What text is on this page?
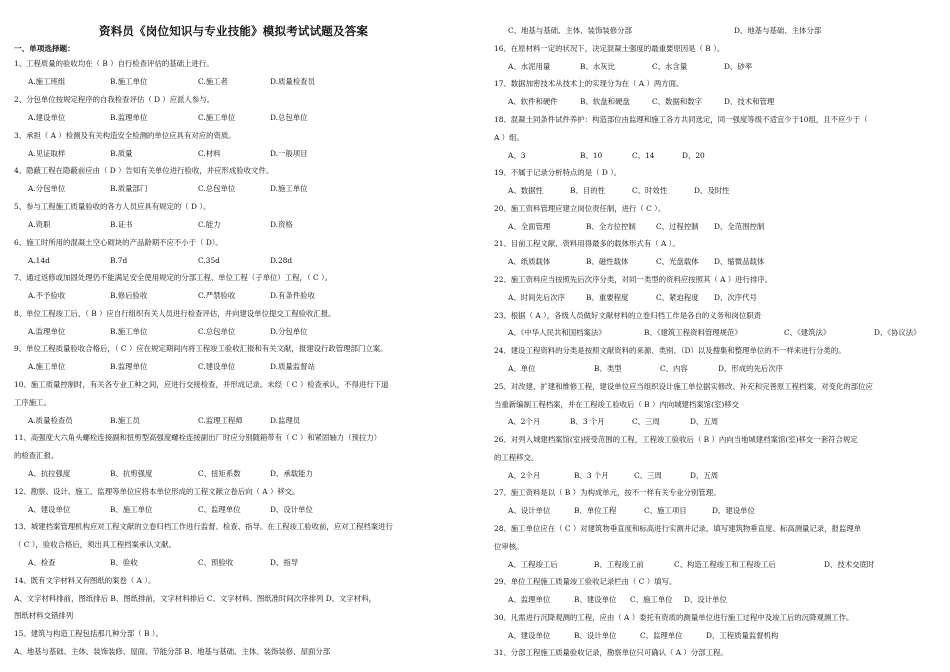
资料员《岗位知识与专业技能》模拟考试试题及答案
一、单项选择题：
1、工程质量的验收均在（ B ）自行检查评估的基础上进行。
A.施工班组	B.施工单位	C.施工者	D.质量检查员
2、分包单位按规定程序的自我检查评估（ D ）应派人参与。
A.建设单位	B.监理单位	C.施工单位	D.总包单位
3、承担（ A ）检测及有关构造安全检测的单位应具有对应的资质。
A.见证取样	B.质量	C.材料	D.一般项目
4、隐蔽工程在隐蔽前应由（ D ）告知有关单位进行验收，并应形成验收文件。
A.分包单位	B.质量部门	C.总包单位	D.施工单位
5、参与工程施工质量验收的各方人员应具有规定的（ D ）。
A.资职	B.证书	C.能力	D.资格
6、施工时所用的混凝土空心砌块的产品龄期不应不小于（ D）。
A.14d	B.7d	C.35d	D.28d
7、通过返修或加固处理仍不能满足安全使用规定的分部工程、单位工程（子单位）工程，（ C ）。
A.不予验收	B.修后验收	C.严禁验收	D.有条件验收
8、单位工程竣工后，（ B ）应自行组织有关人员进行检查评估，并向建设单位提交工程验收汇报。
A.监理单位	B.施工单位	C.总包单位	D.分包单位
9、单位工程质量验收合格后，（ C ）应在规定期间内将工程竣工验收汇报和有关文献，报建设行政管理部门立案。
A.施工单位	B.监理单位	C.建设单位	D.质量监督站
10、施工质量控制时，有关各专业工种之间，应进行交接检查，并形成记录。未经（ C ）检查承认，不得进行下道
工序施工。
A.质量检查员	B.施工员	C.监理工程师	D.监理员
11、高强度大六角头螺栓连接副和扭剪型高强度螺栓连接副出厂时应分别随箱带有（ C ）和紧固轴力（预拉力）
的检查汇报。
A、抗拉强度	B、抗剪强度	C、扭矩系数	D、承载能力
12、勘察、设计、施工、监理等单位应将本单位形成的工程文献立卷后向（ A ）移交。
A、建设单位	B、施工单位	C、监理单位	D、设计单位
13、城建档案管理机构应对工程文献的立卷归档工作进行监督、检查、指导。在工程竣工验收前，应对工程档案进行
（ C ），验收合格后，须出具工程档案承认文献。
A、检查	B、验收	C、预验收	D、指导
14、既有文字材料又有图纸的案卷（ A ）。
A、文字材料排前，图纸排后 B、图纸排前，文字材料排后 C、文字材料、图纸准时间次序排列 D、文字材料，
图纸材料交错排列
15、建筑与构造工程包括那几种分部（ B ）。
A、地基与基础、主体、装饰装修、屋面、节能分部 B、地基与基础、主体、装饰装修、屋面分部
C、地基与基础、主体、装饰装修分部	D、地基与基础、主体分部
16、在原材料一定的状况下，决定混凝土强度的最重要原因是（ B ）。
A、水泥用量	B、水灰比	C、水含量	D、砂率
17、数据加密技术从技术上的实现分为在（ A ）两方面。
A、软件和硬件	B、软盘和硬盘	C、数据和数字	D、技术和管理
18、混凝土同条件试件养护：构造部位由监理和施工各方共同选定，同一强度等级不适宜少于10组，且不应少于（
A ）组。
A、3	B、10	C、14	D、20
19、不属于记录分析特点的是（ D ）。
A、数据性	B、目的性	C、时效性	D、及时性
20、施工资料管理应建立岗位责任制，进行（ C ）。
A、全面管理	B、全方位控制	C、过程控制 D、全范围控制
21、目前工程文献、资料用得最多的载体形式有（ A ）。
A、纸质载体	B、磁性载体	C、光盘载体 D、缩微品载体
22、施工资料应当按照先后次序分类，对同一类型的资料应按照其（ A ）进行排序。
A、时间先后次序	B、重要程度	C、紧迫程度 D、次序代号
23、根据（ A ），各级人员做好文献材料的立卷归档工作是各自的义务和岗位职责
A、《中华人民共和国档案法》	B、《建筑工程资料管理规范》	C、《建筑法》	D、《协议法》
24、建设工程资料的分类是按照文献资料的来源、类别、（D）以及搜集和整理单位的不一样来进行分类的。
A、单位	B、类型	C、内容	D、形成的先后次序
25、对改建、扩建和维修工程，建设单位应当组织设计施工单位据实修改、补充和完善原工程档案，对变化的部位应
当重新编制工程档案，并在工程竣工验收后（ B ）内向城建档案馆(室)移交
A、2个月	B、3 个月	C、三周	D、五周
26、对列入城建档案馆(室)接受范围的工程，工程竣工验收后（ B ）内向当地城建档案馆(室)移交一套符合规定
的工程移交。
A、2个月	B、3 个月	C、三周	D、五周
27、施工资料是以（ B ）为构成单元，按不一样有关专业分别管理。
A、设计单位	B、单位工程	C、施工项目	D、建设单位
28、施工单位应在（ C ）对建筑物垂直度和标高进行实测并记录，填写建筑物垂直度、标高测量记录，报监理单
位审核。
A、工程竣工后	B、工程竣工前	C、构造工程竣工和工程竣工后	D、技术交底时
29、单位工程施工质量竣工验收记录栏由（ C ）填写。
A、监理单位	B、建设单位 C、施工单位 D、设计单位
30、凡需进行沉降观测的工程，应由（ A ）委托有资质的测量单位进行施工过程中及竣工后的沉降观测工作。
A、建设单位	B、设计单位	C、监理单位	D、工程质量监督机构
31、分部工程施工质量验收记录，勘察单位只可确认（ A ）分部工程。
